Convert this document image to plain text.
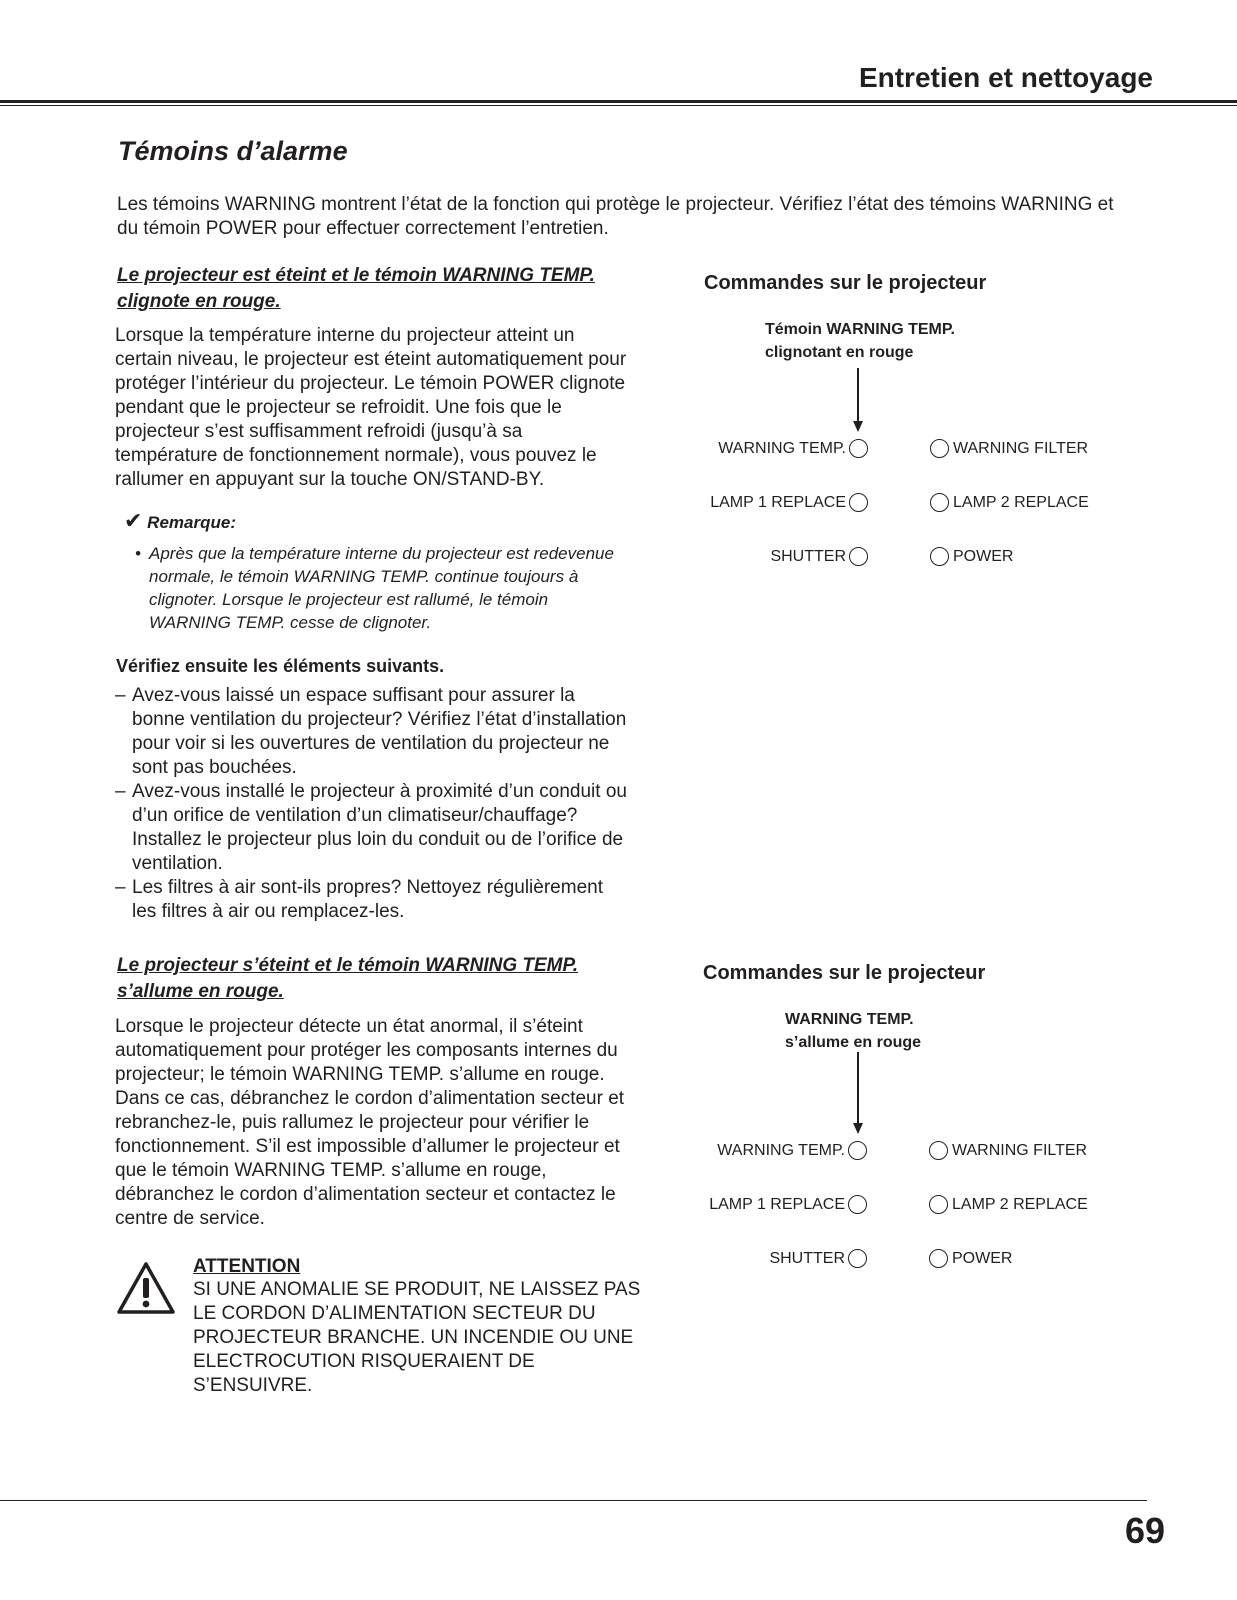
Entretien et nettoyage
Témoins d’alarme
Les témoins WARNING montrent l’état de la fonction qui protège le projecteur. Vérifiez l’état des témoins WARNING et du témoin POWER pour effectuer correctement l’entretien.
Le projecteur est éteint et le témoin WARNING TEMP.
clignote en rouge.
Lorsque la température interne du projecteur atteint un certain niveau, le projecteur est éteint automatiquement pour protéger l’intérieur du projecteur. Le témoin POWER clignote pendant que le projecteur se refroidit. Une fois que le projecteur s’est suffisamment refroidi (jusqu’à sa température de fonctionnement normale), vous pouvez le rallumer en appuyant sur la touche ON/STAND-BY.
✔ Remarque:
• Après que la température interne du projecteur est redevenue normale, le témoin WARNING TEMP. continue toujours à clignoter. Lorsque le projecteur est rallumé, le témoin WARNING TEMP. cesse de clignoter.
Vérifiez ensuite les éléments suivants.
– Avez-vous laissé un espace suffisant pour assurer la bonne ventilation du projecteur? Vérifiez l’état d’installation pour voir si les ouvertures de ventilation du projecteur ne sont pas bouchées.
– Avez-vous installé le projecteur à proximité d’un conduit ou d’un orifice de ventilation d’un climatiseur/chauffage? Installez le projecteur plus loin du conduit ou de l’orifice de ventilation.
– Les filtres à air sont-ils propres? Nettoyez régulièrement les filtres à air ou remplacez-les.
Le projecteur s’éteint et le témoin WARNING TEMP.
s’allume en rouge.
Lorsque le projecteur détecte un état anormal, il s’éteint automatiquement pour protéger les composants internes du projecteur; le témoin WARNING TEMP. s’allume en rouge. Dans ce cas, débranchez le cordon d’alimentation secteur et rebranchez-le, puis rallumez le projecteur pour vérifier le fonctionnement. S’il est impossible d’allumer le projecteur et que le témoin WARNING TEMP. s’allume en rouge, débranchez le cordon d’alimentation secteur et contactez le centre de service.
ATTENTION
SI UNE ANOMALIE SE PRODUIT, NE LAISSEZ PAS LE CORDON D’ALIMENTATION SECTEUR DU PROJECTEUR BRANCHE. UN INCENDIE OU UNE ELECTROCUTION RISQUERAIENT DE S’ENSUIVRE.
Commandes sur le projecteur
Témoin WARNING TEMP.
clignotant en rouge
WARNING TEMP.	WARNING FILTER
LAMP 1 REPLACE	LAMP 2 REPLACE
SHUTTER	POWER
Commandes sur le projecteur
WARNING TEMP.
s’allume en rouge
WARNING TEMP.	WARNING FILTER
LAMP 1 REPLACE	LAMP 2 REPLACE
SHUTTER	POWER
69
